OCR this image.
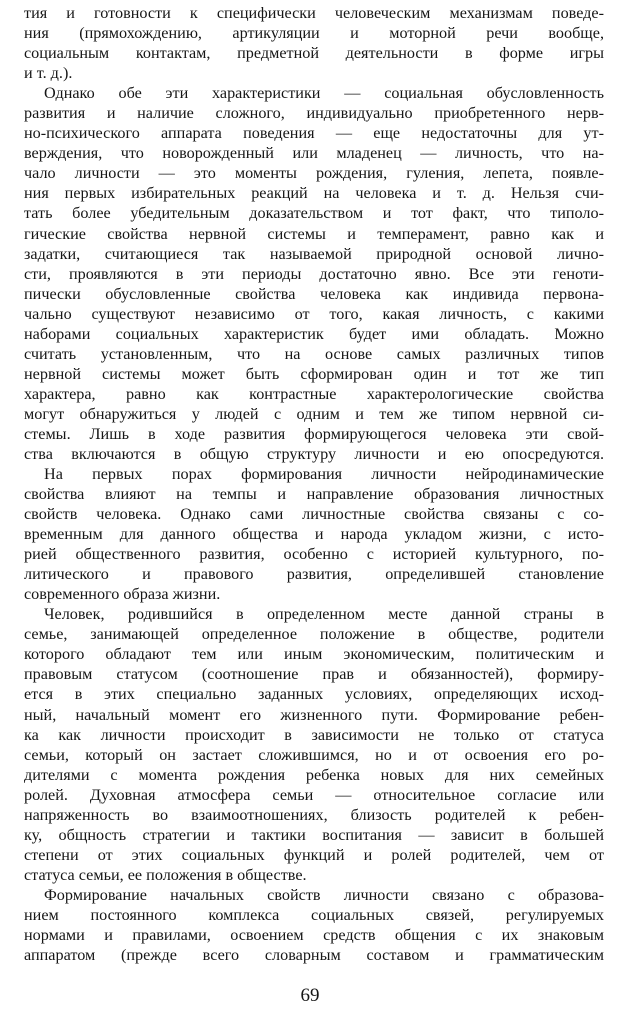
тия и готовности к специфически человеческим механизмам поведе-
ния (прямохождению, артикуляции и моторной речи вообще,
социальным контактам, предметной деятельности в форме игры
и т. д.).
Однако обе эти характеристики — социальная обусловленность
развития и наличие сложного, индивидуально приобретенного нерв-
но-психического аппарата поведения — еще недостаточны для ут-
верждения, что новорожденный или младенец — личность, что на-
чало личности — это моменты рождения, гуления, лепета, появле-
ния первых избирательных реакций на человека и т. д. Нельзя счи-
тать более убедительным доказательством и тот факт, что типоло-
гические свойства нервной системы и темперамент, равно как и
задатки, считающиеся так называемой природной основой лично-
сти, проявляются в эти периоды достаточно явно. Все эти геноти-
пически обусловленные свойства человека как индивида первона-
чально существуют независимо от того, какая личность, с какими
наборами социальных характеристик будет ими обладать. Можно
считать установленным, что на основе самых различных типов
нервной системы может быть сформирован один и тот же тип
характера, равно как контрастные характерологические свойства
могут обнаружиться у людей с одним и тем же типом нервной си-
стемы. Лишь в ходе развития формирующегося человека эти свой-
ства включаются в общую структуру личности и ею опосредуются.
На первых порах формирования личности нейродинамические
свойства влияют на темпы и направление образования личностных
свойств человека. Однако сами личностные свойства связаны с со-
временным для данного общества и народа укладом жизни, с исто-
рией общественного развития, особенно с историей культурного, по-
литического и правового развития, определившей становление
современного образа жизни.
Человек, родившийся в определенном месте данной страны в
семье, занимающей определенное положение в обществе, родители
которого обладают тем или иным экономическим, политическим и
правовым статусом (соотношение прав и обязанностей), формиру-
ется в этих специально заданных условиях, определяющих исход-
ный, начальный момент его жизненного пути. Формирование ребен-
ка как личности происходит в зависимости не только от статуса
семьи, который он застает сложившимся, но и от освоения его ро-
дителями с момента рождения ребенка новых для них семейных
ролей. Духовная атмосфера семьи — относительное согласие или
напряженность во взаимоотношениях, близость родителей к ребен-
ку, общность стратегии и тактики воспитания — зависит в большей
степени от этих социальных функций и ролей родителей, чем от
статуса семьи, ее положения в обществе.
Формирование начальных свойств личности связано с образова-
нием постоянного комплекса социальных связей, регулируемых
нормами и правилами, освоением средств общения с их знаковым
аппаратом (прежде всего словарным составом и грамматическим
69
